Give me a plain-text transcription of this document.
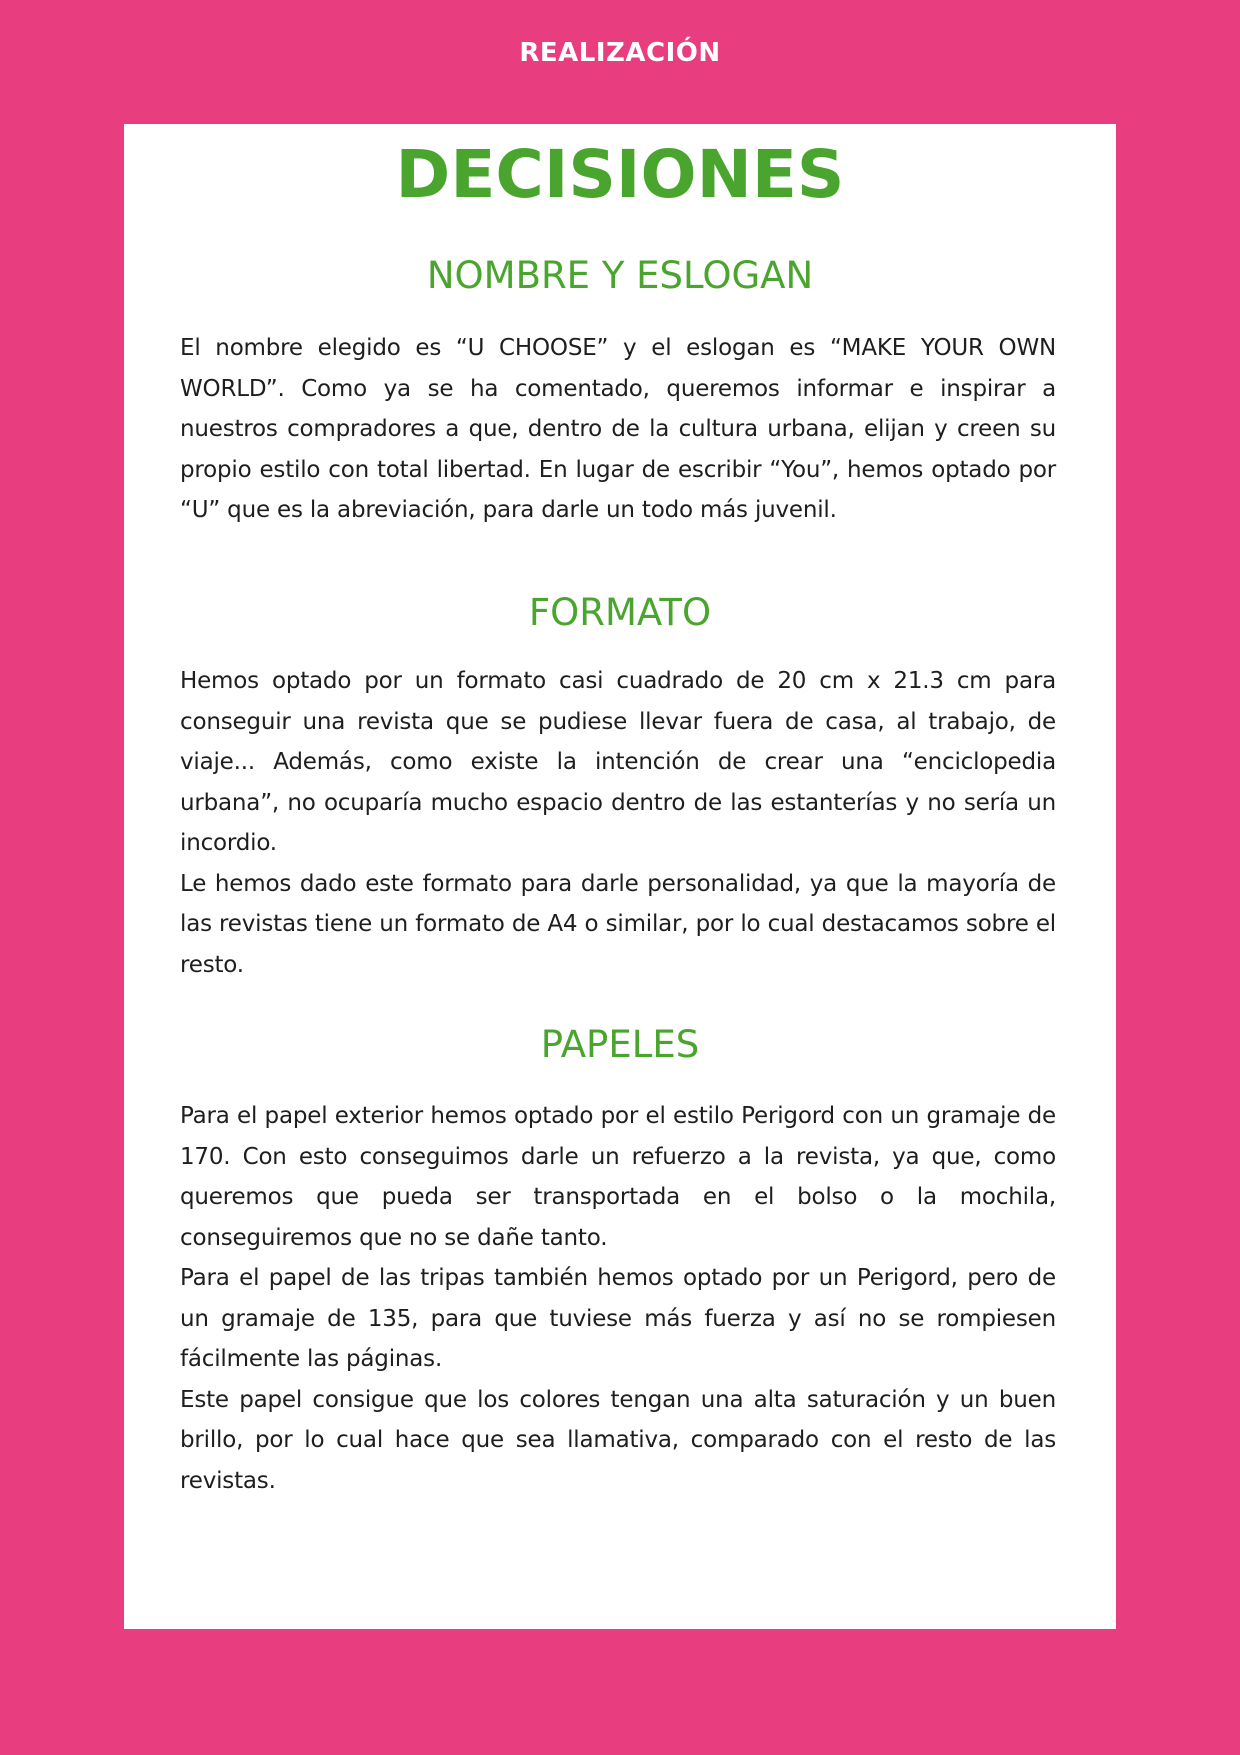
REALIZACIÓN
DECISIONES
NOMBRE Y ESLOGAN

El nombre elegido es “U CHOOSE” y el eslogan es “MAKE YOUR OWN WORLD”. Como ya se ha comentado, queremos informar e inspirar a nuestros compradores a que, dentro de la cultura urbana, elijan y creen su propio estilo con total libertad. En lugar de escribir “You”, hemos optado por “U” que es la abreviación, para darle un todo más juvenil.

FORMATO

Hemos optado por un formato casi cuadrado de 20 cm x 21.3 cm para conseguir una revista que se pudiese llevar fuera de casa, al trabajo, de viaje... Además, como existe la intención de crear una “enciclopedia urbana”, no ocuparía mucho espacio dentro de las estanterías y no sería un incordio.

Le hemos dado este formato para darle personalidad, ya que la mayoría de las revistas tiene un formato de A4 o similar, por lo cual destacamos sobre el resto.

PAPELES

Para el papel exterior hemos optado por el estilo Perigord con un gramaje de 170. Con esto conseguimos darle un refuerzo a la revista, ya que, como queremos que pueda ser transportada en el bolso o la mochila, conseguiremos que no se dañe tanto.

Para el papel de las tripas también hemos optado por un Perigord, pero de un gramaje de 135, para que tuviese más fuerza y así no se rompiesen fácilmente las páginas.

Este papel consigue que los colores tengan una alta saturación y un buen brillo, por lo cual hace que sea llamativa, comparado con el resto de las revistas.
